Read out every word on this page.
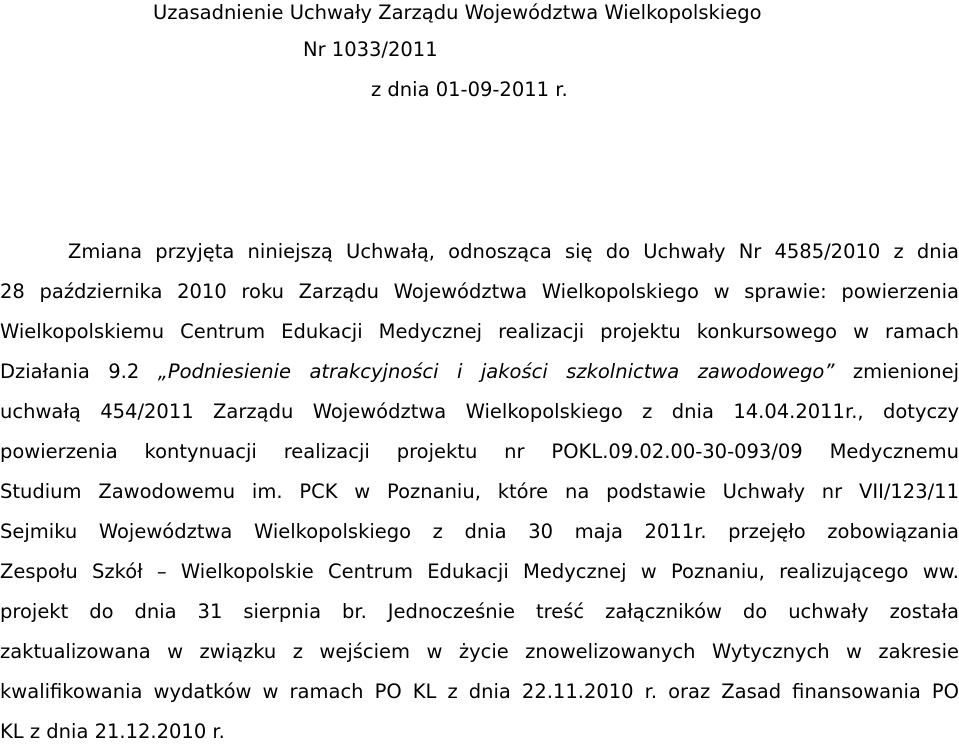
Uzasadnienie Uchwały Zarządu Województwa Wielkopolskiego
Nr 1033/2011
z dnia 01-09-2011 r.
Zmiana przyjęta niniejszą Uchwałą, odnosząca się do Uchwały Nr 4585/2010 z dnia
28 października 2010 roku Zarządu Województwa Wielkopolskiego w sprawie: powierzenia
Wielkopolskiemu Centrum Edukacji Medycznej realizacji projektu konkursowego w ramach
Działania 9.2 „Podniesienie atrakcyjności i jakości szkolnictwa zawodowego” zmienionej
uchwałą 454/2011 Zarządu Województwa Wielkopolskiego z dnia 14.04.2011r., dotyczy
powierzenia kontynuacji realizacji projektu nr POKL.09.02.00-30-093/09 Medycznemu
Studium Zawodowemu im. PCK w Poznaniu, które na podstawie Uchwały nr VII/123/11
Sejmiku Województwa Wielkopolskiego z dnia 30 maja 2011r. przejęło zobowiązania
Zespołu Szkół – Wielkopolskie Centrum Edukacji Medycznej w Poznaniu, realizującego ww.
projekt do dnia 31 sierpnia br. Jednocześnie treść załączników do uchwały została
zaktualizowana w związku z wejściem w życie znowelizowanych Wytycznych w zakresie
kwalifikowania wydatków w ramach PO KL z dnia 22.11.2010 r. oraz Zasad finansowania PO
KL z dnia 21.12.2010 r.
